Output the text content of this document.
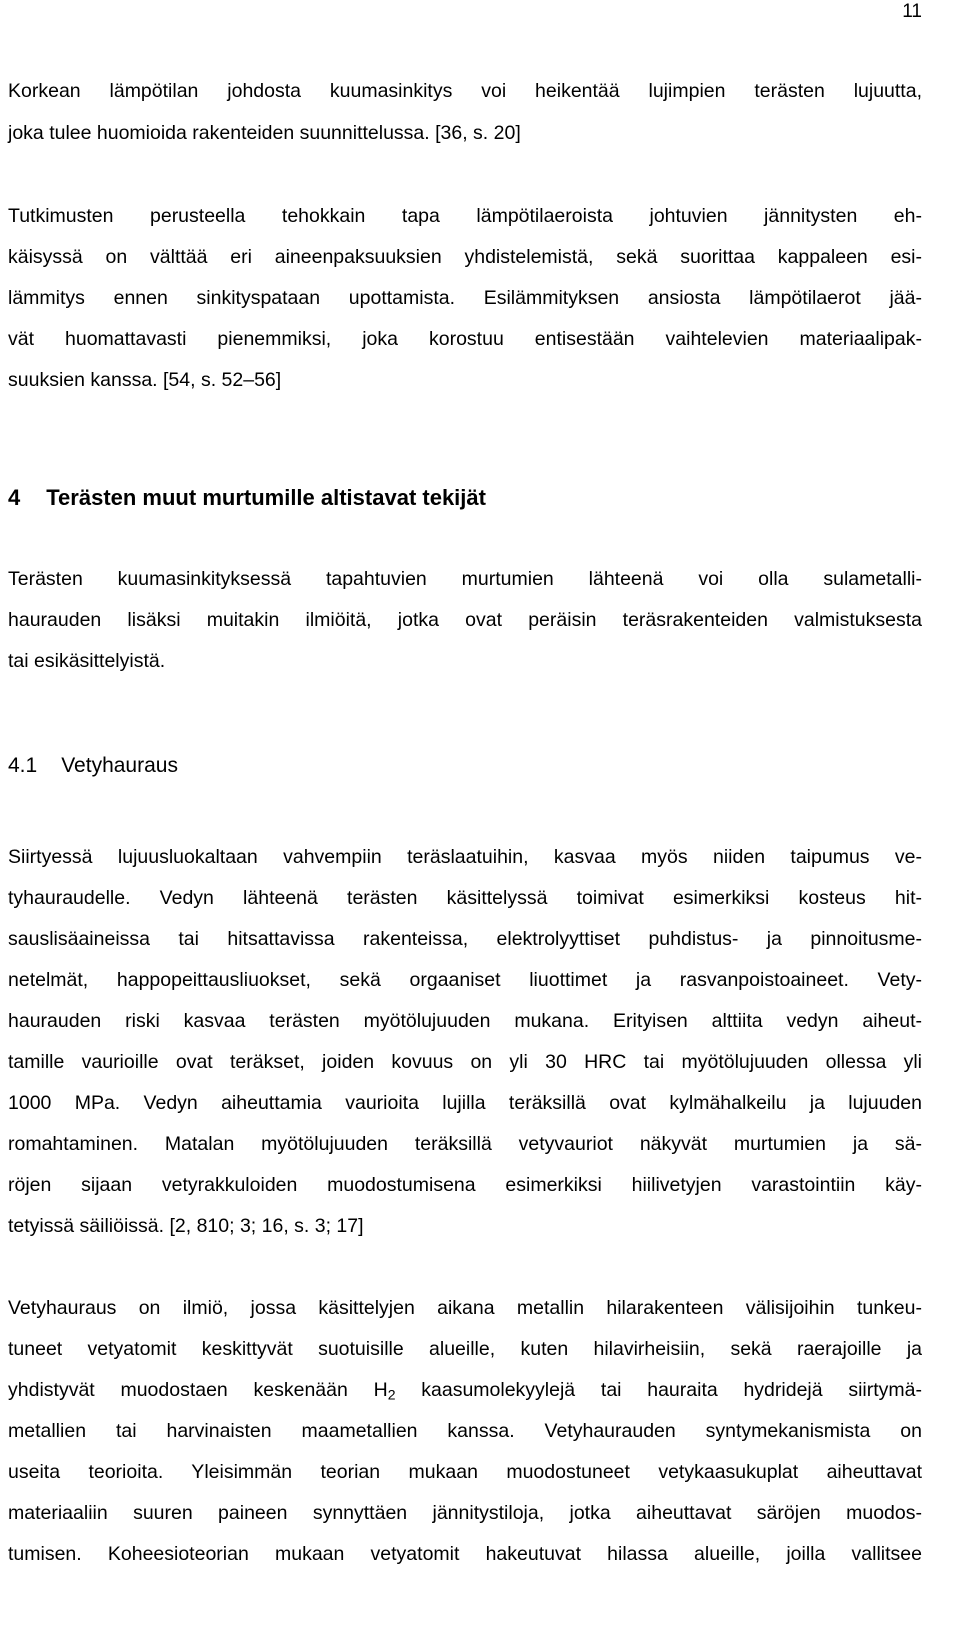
11
Korkean lämpötilan johdosta kuumasinkitys voi heikentää lujimpien terästen lujuutta,
joka tulee huomioida rakenteiden suunnittelussa. [36, s. 20]
Tutkimusten perusteella tehokkain tapa lämpötilaeroista johtuvien jännitysten eh-
käisyssä on välttää eri aineenpaksuuksien yhdistelemistä, sekä suorittaa kappaleen esi-
lämmitys ennen sinkityspataan upottamista. Esilämmityksen ansiosta lämpötilaerot jää-
vät huomattavasti pienemmiksi, joka korostuu entisestään vaihtelevien materiaalipak-
suuksien kanssa. [54, s. 52–56]
4 Terästen muut murtumille altistavat tekijät
Terästen kuumasinkityksessä tapahtuvien murtumien lähteenä voi olla sulametalli-
haurauden lisäksi muitakin ilmiöitä, jotka ovat peräisin teräsrakenteiden valmistuksesta
tai esikäsittelyistä.
4.1 Vetyhauraus
Siirtyessä lujuusluokaltaan vahvempiin teräslaatuihin, kasvaa myös niiden taipumus ve-
tyhauraudelle. Vedyn lähteenä terästen käsittelyssä toimivat esimerkiksi kosteus hit-
sauslisäaineissa tai hitsattavissa rakenteissa, elektrolyyttiset puhdistus- ja pinnoitusme-
netelmät, happopeittausliuokset, sekä orgaaniset liuottimet ja rasvanpoistoaineet. Vety-
haurauden riski kasvaa terästen myötölujuuden mukana. Erityisen alttiita vedyn aiheut-
tamille vaurioille ovat teräkset, joiden kovuus on yli 30 HRC tai myötölujuuden ollessa yli
1000 MPa. Vedyn aiheuttamia vaurioita lujilla teräksillä ovat kylmähalkeilu ja lujuuden
romahtaminen. Matalan myötölujuuden teräksillä vetyvauriot näkyvät murtumien ja sä-
röjen sijaan vetyrakkuloiden muodostumisena esimerkiksi hiilivetyjen varastointiin käy-
tetyissä säiliöissä. [2, 810; 3; 16, s. 3; 17]
Vetyhauraus on ilmiö, jossa käsittelyjen aikana metallin hilarakenteen välisijoihin tunkeu-
tuneet vetyatomit keskittyvät suotuisille alueille, kuten hilavirheisiin, sekä raerajoille ja
yhdistyvät muodostaen keskenään $H_2$ kaasumolekyylejä tai hauraita hydridejä siirtymä-
metallien tai harvinaisten maametallien kanssa. Vetyhaurauden syntymekanismista on
useita teorioita. Yleisimmän teorian mukaan muodostuneet vetykaasukuplat aiheuttavat
materiaaliin suuren paineen synnyttäen jännitystiloja, jotka aiheuttavat säröjen muodos-
tumisen. Koheesioteorian mukaan vetyatomit hakeutuvat hilassa alueille, joilla vallitsee
